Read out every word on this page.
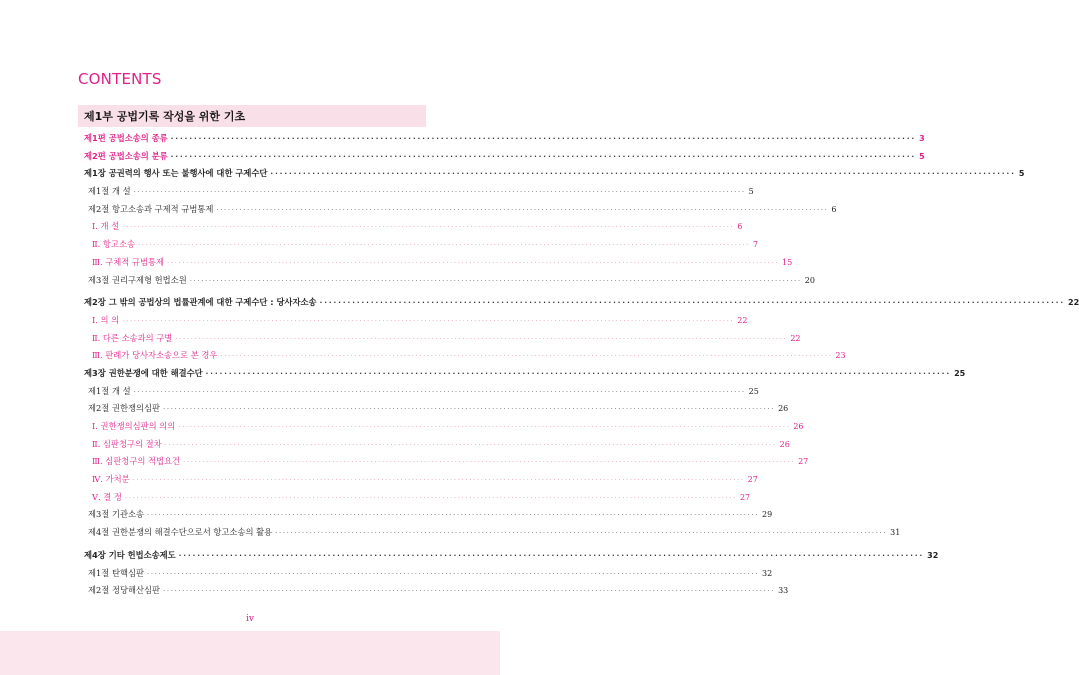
CONTENTS
제1부 공법기록 작성을 위한 기초
제1편 공법소송의 종류 ································································································································································ 3
제2편 공법소송의 분류 ································································································································································ 5
제1장 공권력의 행사 또는 불행사에 대한 구제수단 ································································································································································ 5
제1절 개 설 ································································································································································ 5
제2절 항고소송과 구제적 규범통제 ································································································································································ 6
Ⅰ. 개 설 ································································································································································ 6
Ⅱ. 항고소송 ································································································································································ 7
Ⅲ. 구체적 규범통제 ································································································································································ 15
제3절 권리구제형 헌법소원 ································································································································································ 20
제2장 그 밖의 공법상의 법률관계에 대한 구제수단 : 당사자소송 ································································································································································ 22
Ⅰ. 의 의 ································································································································································ 22
Ⅱ. 다른 소송과의 구별 ································································································································································ 22
Ⅲ. 판례가 당사자소송으로 본 경우 ································································································································································ 23
제3장 권한분쟁에 대한 해결수단 ································································································································································ 25
제1절 개 설 ································································································································································ 25
제2절 권한쟁의심판 ································································································································································ 26
Ⅰ. 권한쟁의심판의 의의 ································································································································································ 26
Ⅱ. 심판청구의 절차 ································································································································································ 26
Ⅲ. 심판청구의 적법요건 ································································································································································ 27
Ⅳ. 가처분 ································································································································································ 27
Ⅴ. 결 정 ································································································································································ 27
제3절 기관소송 ································································································································································ 29
제4절 권한분쟁의 해결수단으로서 항고소송의 활용 ································································································································································ 31
제4장 기타 헌법소송제도 ································································································································································ 32
제1절 탄핵심판 ································································································································································ 32
제2절 정당해산심판 ································································································································································ 33
iv
